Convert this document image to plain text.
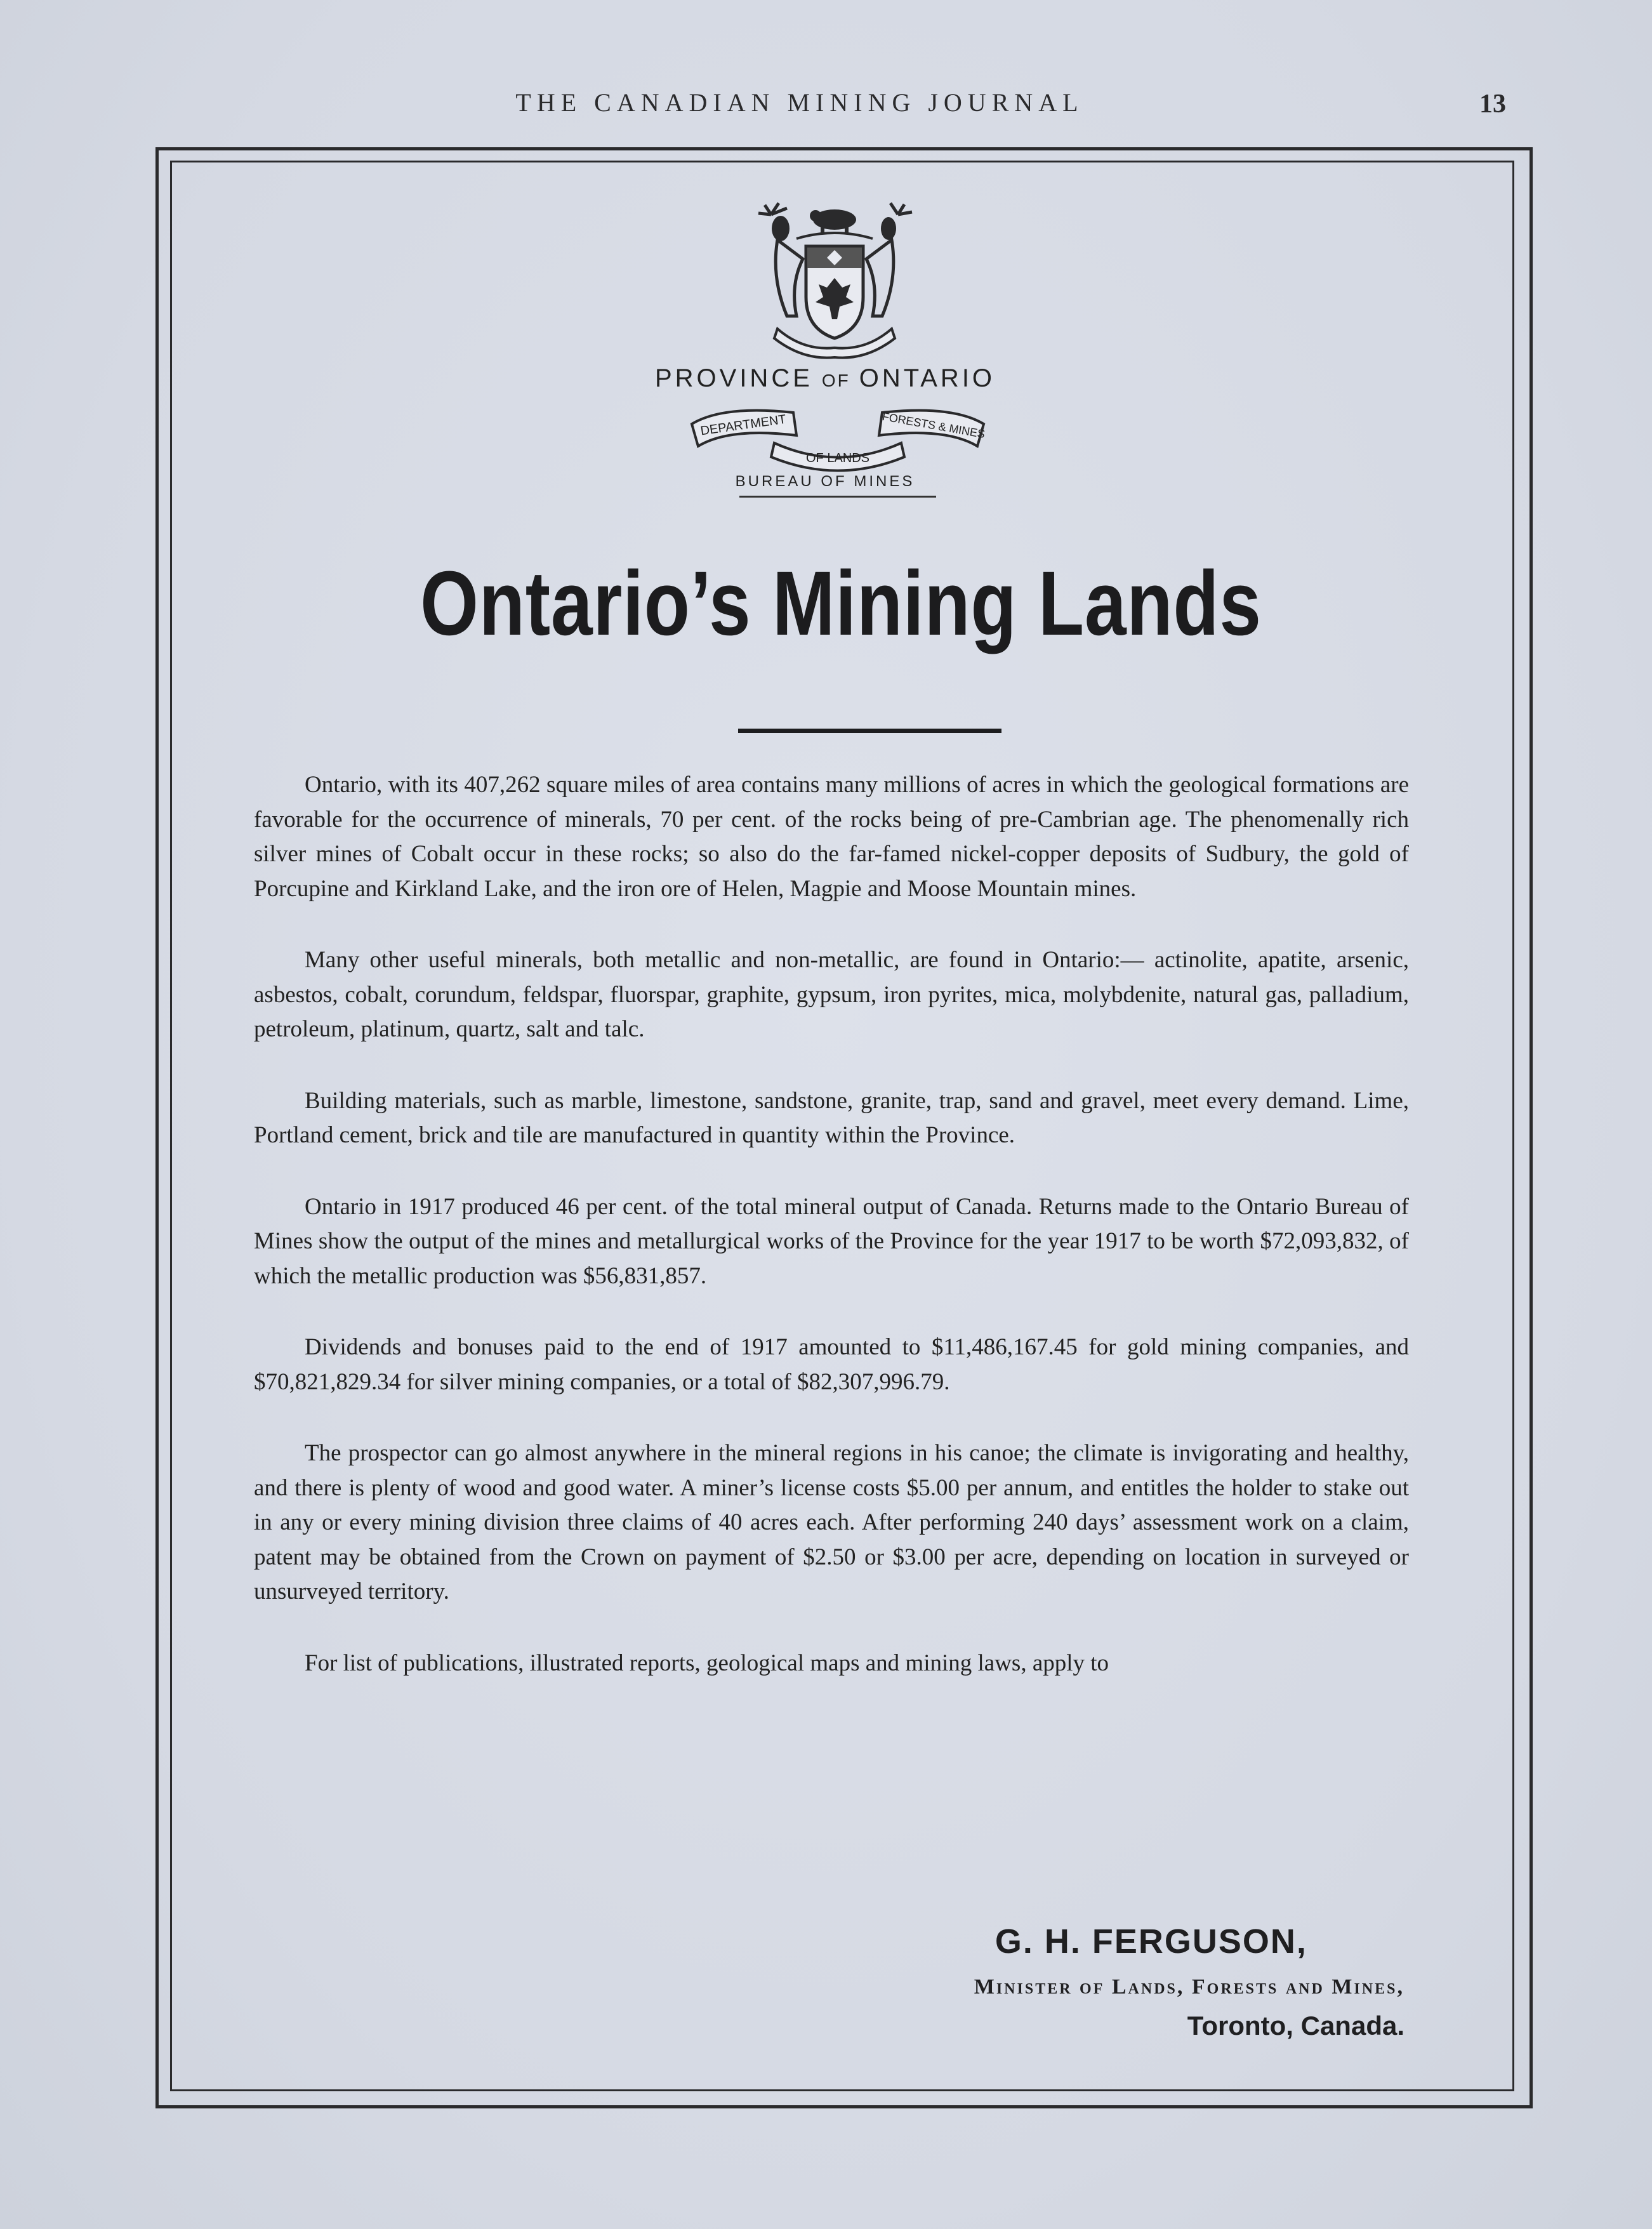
THE CANADIAN MINING JOURNAL	13
PROVINCE OF ONTARIO
DEPARTMENT	FORESTS & MINES
OF LANDS
BUREAU OF MINES
Ontario’s Mining Lands

Ontario, with its 407,262 square miles of area contains many millions of acres in which the geological formations are favorable for the occurrence of minerals, 70 per cent. of the rocks being of pre-Cambrian age. The phenomenally rich silver mines of Cobalt occur in these rocks; so also do the far-famed nickel-copper deposits of Sudbury, the gold of Porcupine and Kirkland Lake, and the iron ore of Helen, Magpie and Moose Mountain mines.

Many other useful minerals, both metallic and non-metallic, are found in Ontario:— actinolite, apatite, arsenic, asbestos, cobalt, corundum, feldspar, fluorspar, graphite, gypsum, iron pyrites, mica, molybdenite, natural gas, palladium, petroleum, platinum, quartz, salt and talc.

Building materials, such as marble, limestone, sandstone, granite, trap, sand and gravel, meet every demand. Lime, Portland cement, brick and tile are manufactured in quantity within the Province.

Ontario in 1917 produced 46 per cent. of the total mineral output of Canada. Returns made to the Ontario Bureau of Mines show the output of the mines and metallurgical works of the Province for the year 1917 to be worth $72,093,832, of which the metallic production was $56,831,857.

Dividends and bonuses paid to the end of 1917 amounted to $11,486,167.45 for gold mining companies, and $70,821,829.34 for silver mining companies, or a total of $82,307,996.79.

The prospector can go almost anywhere in the mineral regions in his canoe; the climate is invigorating and healthy, and there is plenty of wood and good water. A miner’s license costs $5.00 per annum, and entitles the holder to stake out in any or every mining division three claims of 40 acres each. After performing 240 days’ assessment work on a claim, patent may be obtained from the Crown on payment of $2.50 or $3.00 per acre, depending on location in surveyed or unsurveyed territory.

For list of publications, illustrated reports, geological maps and mining laws, apply to

G. H. FERGUSON,
Minister of Lands, Forests and Mines,
Toronto, Canada.
